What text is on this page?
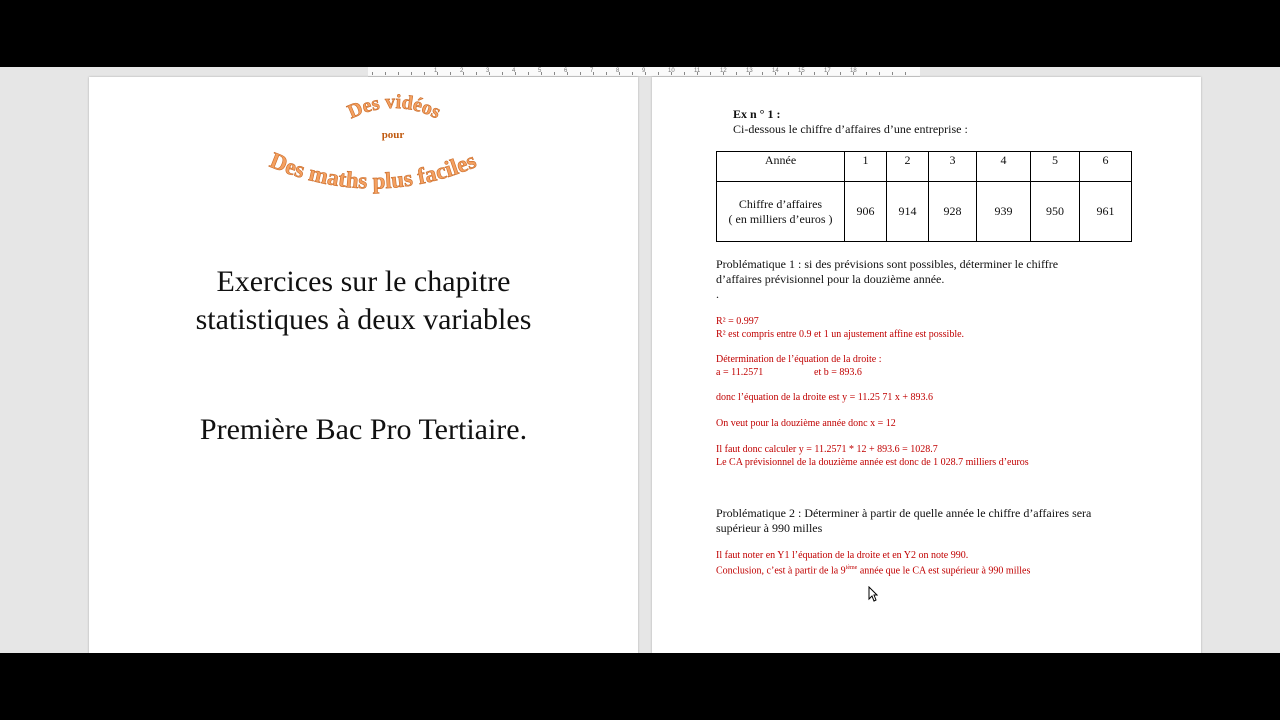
1	2	3	4	5	6	7	8	9	10	11	12	13	14	15	17	18
Des vidéos
pour
Des maths plus faciles
Exercices sur le chapitre
statistiques à deux variables
Première Bac Pro Tertiaire.
Ex n ° 1 :
Ci-dessous le chiffre d’affaires d’une entreprise :
Année	1	2	3	4	5	6

Chiffre d’affaires
( en milliers d’euros )	906	914	928	939	950	961
Problématique 1 : si des prévisions sont possibles, déterminer le chiffre
d’affaires prévisionnel pour la douzième année.
.
R² = 0.997
R² est compris entre 0.9 et 1 un ajustement affine est possible.
Détermination de l’équation de la droite :
a = 11.2571	et b = 893.6
donc l’équation de la droite est y = 11.25 71 x + 893.6
On veut pour la douzième année donc x = 12
Il faut donc calculer y = 11.2571 * 12 + 893.6 = 1028.7
Le CA prévisionnel de la douzième année est donc de 1 028.7 milliers d’euros
Problématique 2 : Déterminer à partir de quelle année le chiffre d’affaires sera
supérieur à 990 milles
Il faut noter en Y1 l’équation de la droite et en Y2 on note 990.
Conclusion, c’est à partir de la 9ième année que le CA est supérieur à 990 milles
